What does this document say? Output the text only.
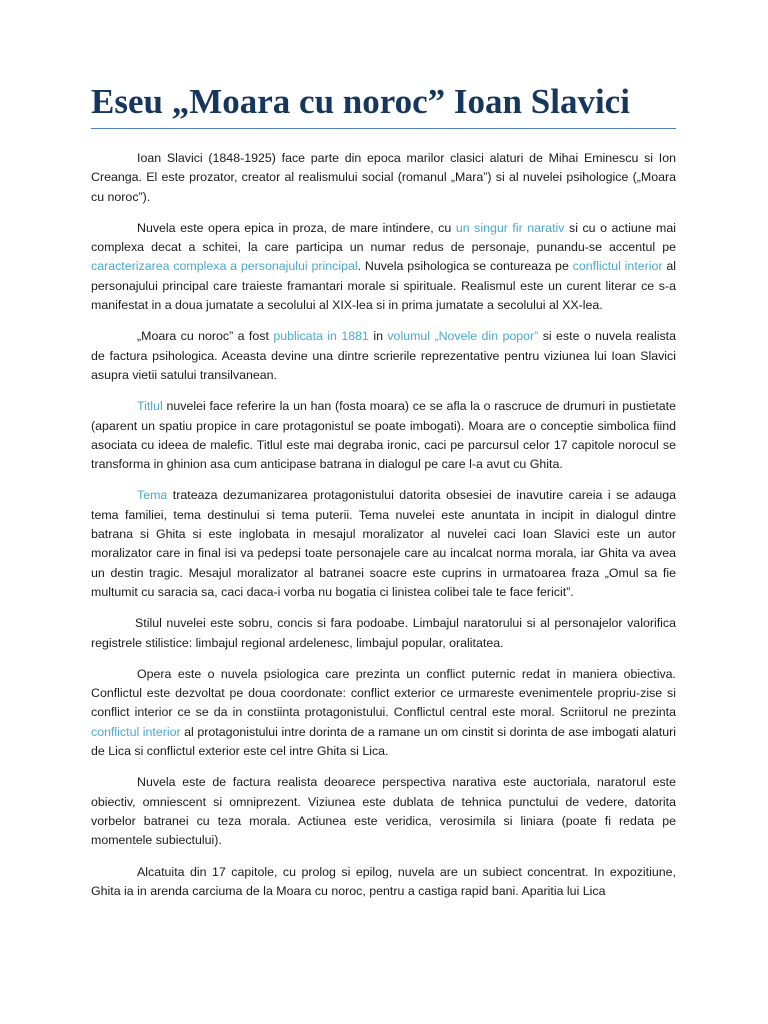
Eseu „Moara cu noroc” Ioan Slavici

Ioan Slavici (1848-1925) face parte din epoca marilor clasici alaturi de Mihai Eminescu si Ion Creanga. El este prozator, creator al realismului social (romanul „Mara”) si al nuvelei psihologice („Moara cu noroc”).

Nuvela este opera epica in proza, de mare intindere, cu un singur fir narativ si cu o actiune mai complexa decat a schitei, la care participa un numar redus de personaje, punandu-se accentul pe caracterizarea complexa a personajului principal. Nuvela psihologica se contureaza pe conflictul interior al personajului principal care traieste framantari morale si spirituale. Realismul este un curent literar ce s-a manifestat in a doua jumatate a secolului al XIX-lea si in prima jumatate a secolului al XX-lea.

„Moara cu noroc” a fost publicata in 1881 in volumul „Novele din popor” si este o nuvela realista de factura psihologica. Aceasta devine una dintre scrierile reprezentative pentru viziunea lui Ioan Slavici asupra vietii satului transilvanean.

Titlul nuvelei face referire la un han (fosta moara) ce se afla la o rascruce de drumuri in pustietate (aparent un spatiu propice in care protagonistul se poate imbogati). Moara are o conceptie simbolica fiind asociata cu ideea de malefic. Titlul este mai degraba ironic, caci pe parcursul celor 17 capitole norocul se transforma in ghinion asa cum anticipase batrana in dialogul pe care l-a avut cu Ghita.

Tema trateaza dezumanizarea protagonistului datorita obsesiei de inavutire careia i se adauga tema familiei, tema destinului si tema puterii. Tema nuvelei este anuntata in incipit in dialogul dintre batrana si Ghita si este inglobata in mesajul moralizator al nuvelei caci Ioan Slavici este un autor moralizator care in final isi va pedepsi toate personajele care au incalcat norma morala, iar Ghita va avea un destin tragic. Mesajul moralizator al batranei soacre este cuprins in urmatoarea fraza „Omul sa fie multumit cu saracia sa, caci daca-i vorba nu bogatia ci linistea colibei tale te face fericit”.

Stilul nuvelei este sobru, concis si fara podoabe. Limbajul naratorului si al personajelor valorifica registrele stilistice: limbajul regional ardelenesc, limbajul popular, oralitatea.

Opera este o nuvela psiologica care prezinta un conflict puternic redat in maniera obiectiva. Conflictul este dezvoltat pe doua coordonate: conflict exterior ce urmareste evenimentele propriu-zise si conflict interior ce se da in constiinta protagonistului. Conflictul central este moral. Scriitorul ne prezinta conflictul interior al protagonistului intre dorinta de a ramane un om cinstit si dorinta de ase imbogati alaturi de Lica si conflictul exterior este cel intre Ghita si Lica.

Nuvela este de factura realista deoarece perspectiva narativa este auctoriala, naratorul este obiectiv, omniescent si omniprezent. Viziunea este dublata de tehnica punctului de vedere, datorita vorbelor batranei cu teza morala. Actiunea este veridica, verosimila si liniara (poate fi redata pe momentele subiectului).

Alcatuita din 17 capitole, cu prolog si epilog, nuvela are un subiect concentrat. In expozitiune, Ghita ia in arenda carciuma de la Moara cu noroc, pentru a castiga rapid bani. Aparitia lui Lica
